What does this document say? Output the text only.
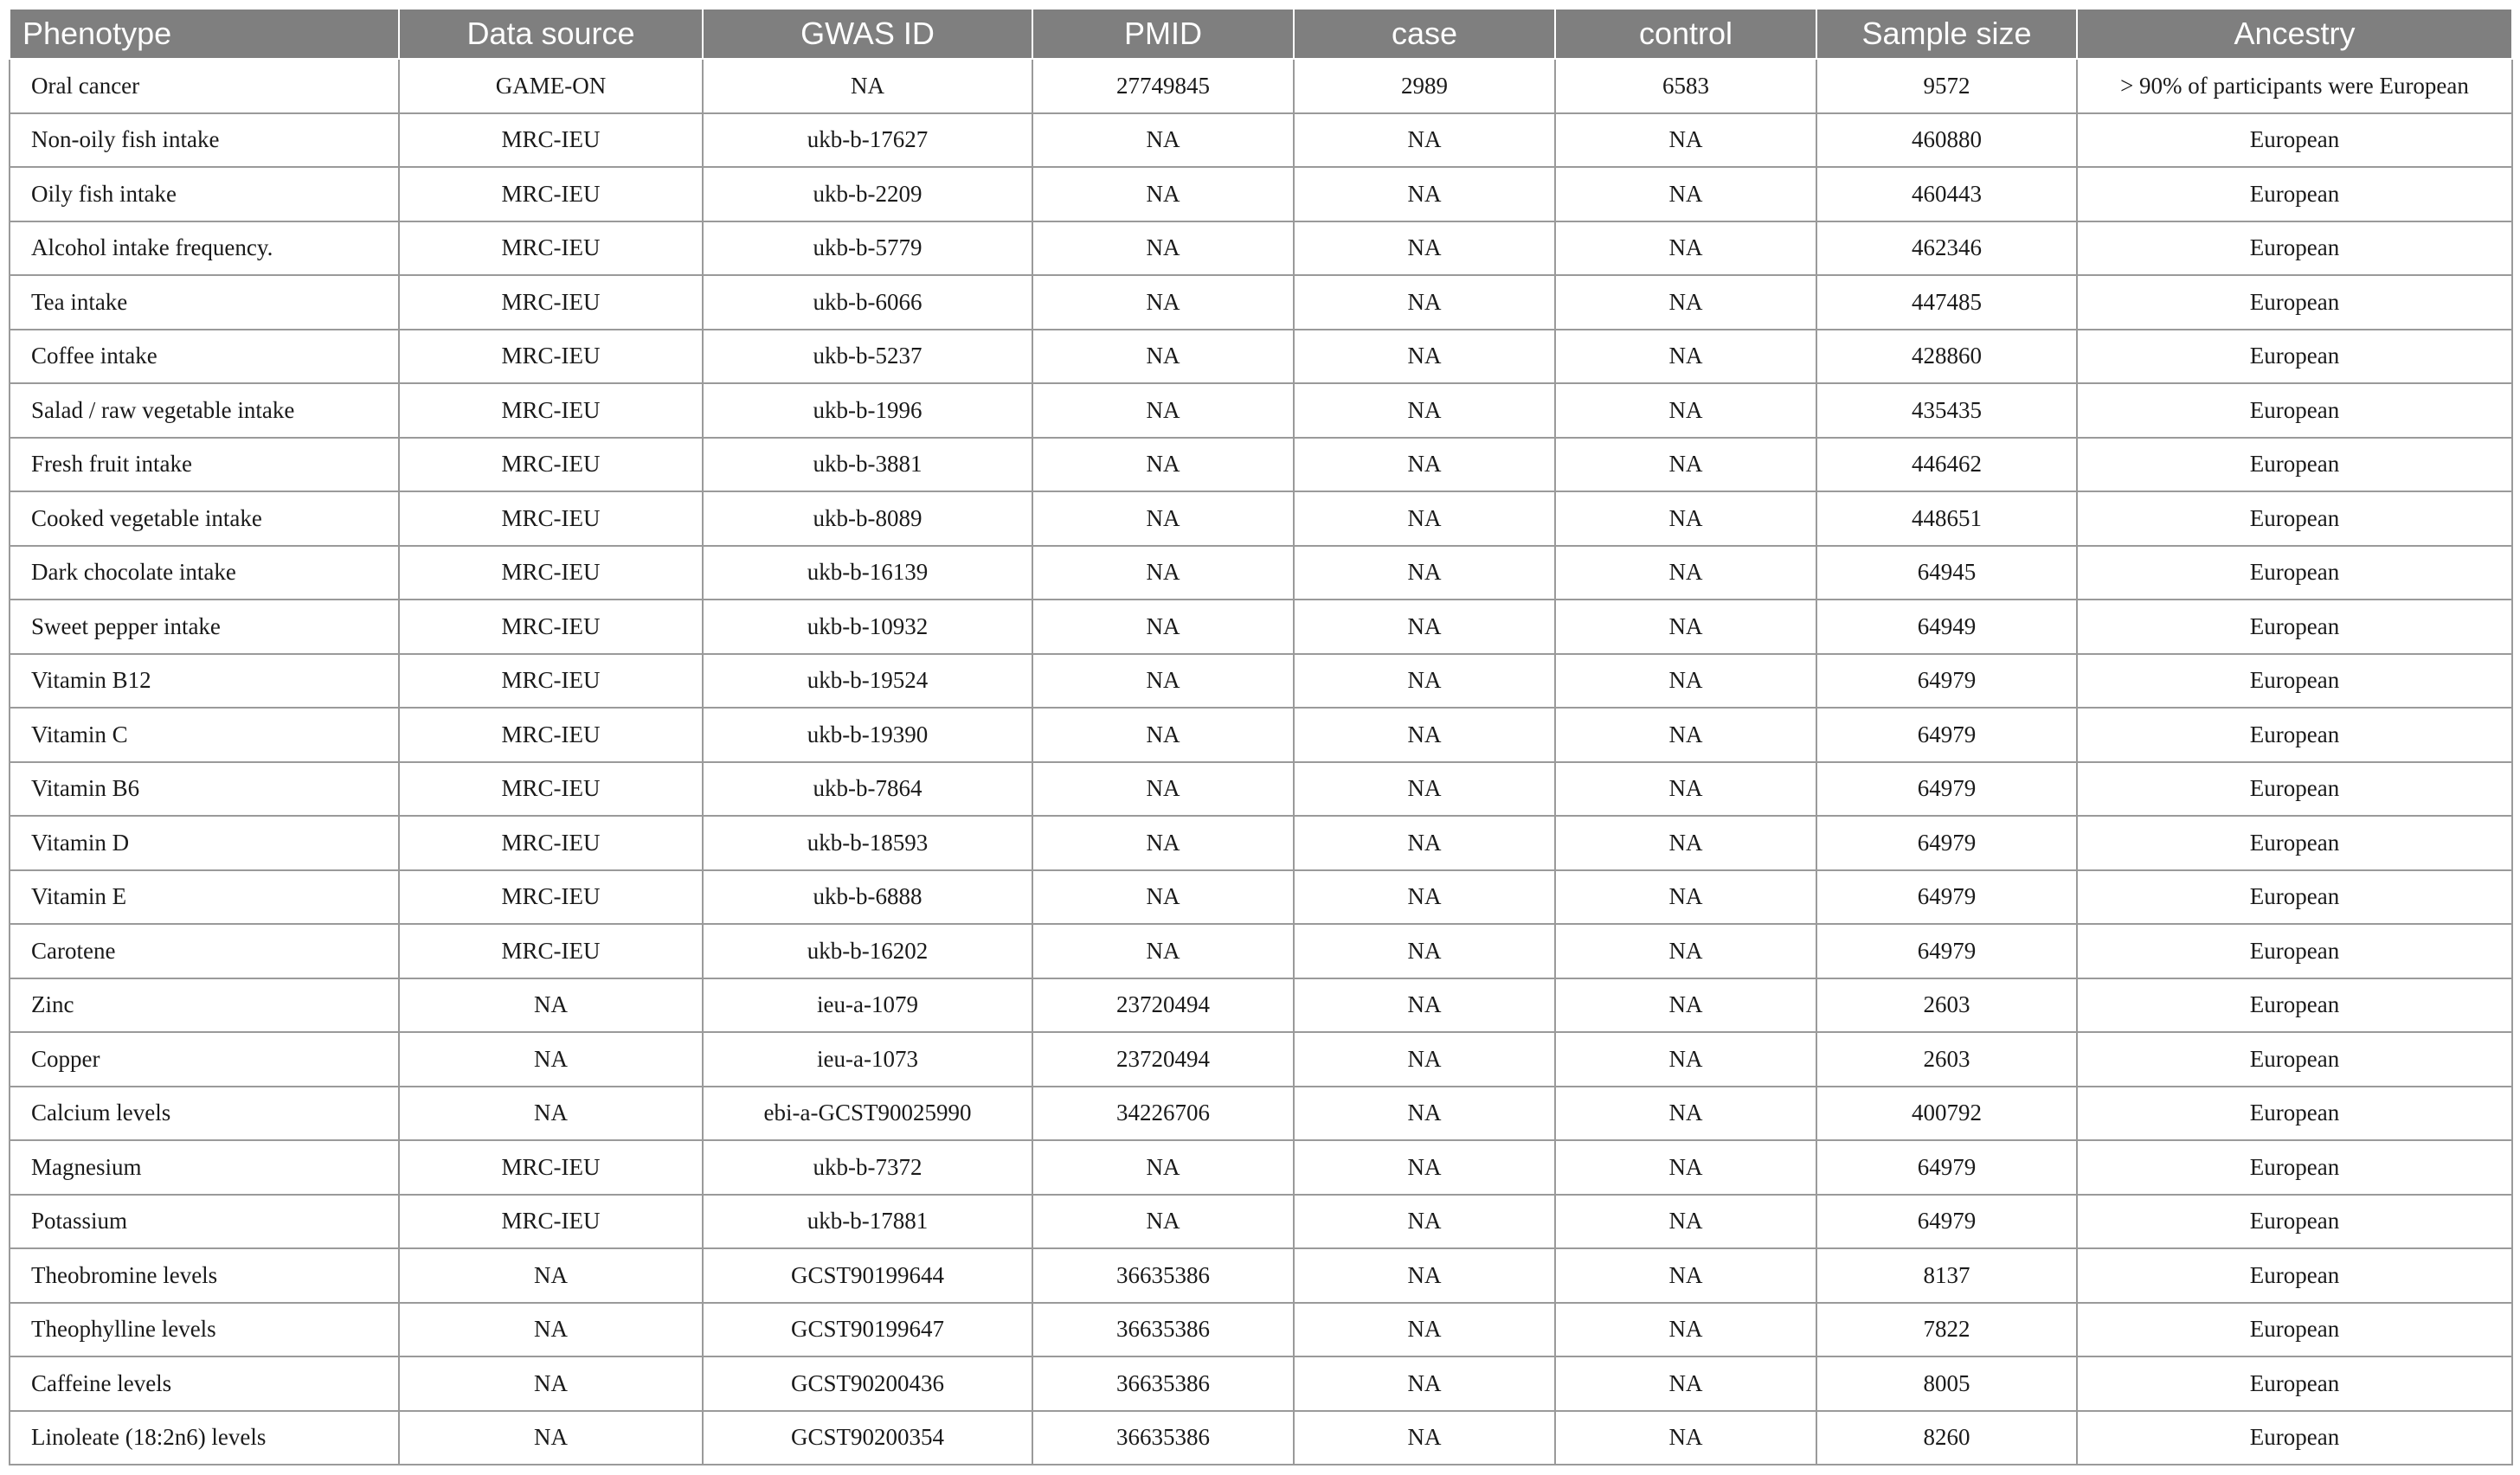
Phenotype	Data source	GWAS ID	PMID	case	control	Sample size	Ancestry
Oral cancer	GAME-ON	NA	27749845	2989	6583	9572	> 90% of participants were European
Non-oily fish intake	MRC-IEU	ukb-b-17627	NA	NA	NA	460880	European
Oily fish intake	MRC-IEU	ukb-b-2209	NA	NA	NA	460443	European
Alcohol intake frequency.	MRC-IEU	ukb-b-5779	NA	NA	NA	462346	European
Tea intake	MRC-IEU	ukb-b-6066	NA	NA	NA	447485	European
Coffee intake	MRC-IEU	ukb-b-5237	NA	NA	NA	428860	European
Salad / raw vegetable intake	MRC-IEU	ukb-b-1996	NA	NA	NA	435435	European
Fresh fruit intake	MRC-IEU	ukb-b-3881	NA	NA	NA	446462	European
Cooked vegetable intake	MRC-IEU	ukb-b-8089	NA	NA	NA	448651	European
Dark chocolate intake	MRC-IEU	ukb-b-16139	NA	NA	NA	64945	European
Sweet pepper intake	MRC-IEU	ukb-b-10932	NA	NA	NA	64949	European
Vitamin B12	MRC-IEU	ukb-b-19524	NA	NA	NA	64979	European
Vitamin C	MRC-IEU	ukb-b-19390	NA	NA	NA	64979	European
Vitamin B6	MRC-IEU	ukb-b-7864	NA	NA	NA	64979	European
Vitamin D	MRC-IEU	ukb-b-18593	NA	NA	NA	64979	European
Vitamin E	MRC-IEU	ukb-b-6888	NA	NA	NA	64979	European
Carotene	MRC-IEU	ukb-b-16202	NA	NA	NA	64979	European
Zinc	NA	ieu-a-1079	23720494	NA	NA	2603	European
Copper	NA	ieu-a-1073	23720494	NA	NA	2603	European
Calcium levels	NA	ebi-a-GCST90025990	34226706	NA	NA	400792	European
Magnesium	MRC-IEU	ukb-b-7372	NA	NA	NA	64979	European
Potassium	MRC-IEU	ukb-b-17881	NA	NA	NA	64979	European
Theobromine levels	NA	GCST90199644	36635386	NA	NA	8137	European
Theophylline levels	NA	GCST90199647	36635386	NA	NA	7822	European
Caffeine levels	NA	GCST90200436	36635386	NA	NA	8005	European
Linoleate (18:2n6) levels	NA	GCST90200354	36635386	NA	NA	8260	European
